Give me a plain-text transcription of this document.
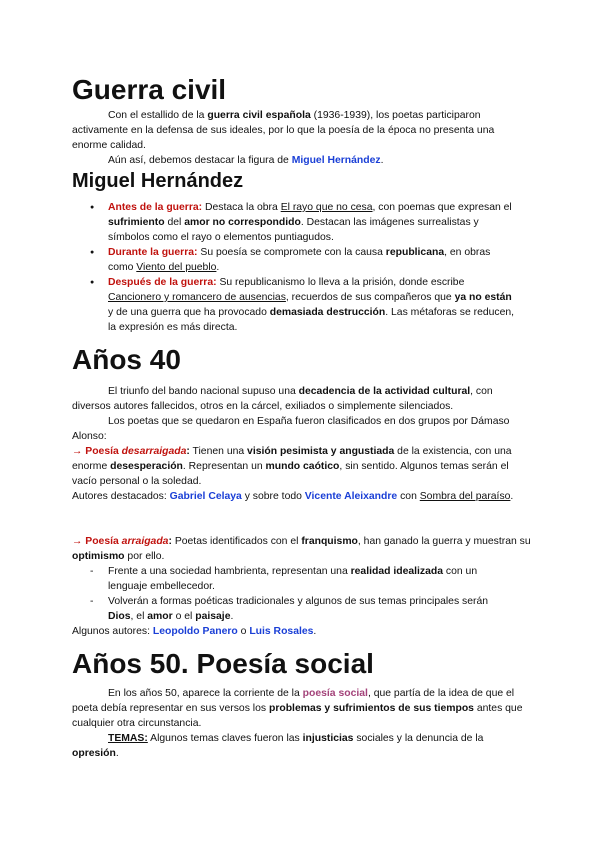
Guerra civil

Con el estallido de la guerra civil española (1936-1939), los poetas participaron activamente en la defensa de sus ideales, por lo que la poesía de la época no presenta una enorme calidad.

Aún así, debemos destacar la figura de Miguel Hernández.

Miguel Hernández
● Antes de la guerra: Destaca la obra El rayo que no cesa, con poemas que expresan el sufrimiento del amor no correspondido. Destacan las imágenes surrealistas y símbolos como el rayo o elementos puntiagudos.
● Durante la guerra: Su poesía se compromete con la causa republicana, en obras como Viento del pueblo.
● Después de la guerra: Su republicanismo lo lleva a la prisión, donde escribe Cancionero y romancero de ausencias, recuerdos de sus compañeros que ya no están y de una guerra que ha provocado demasiada destrucción. Las métaforas se reducen, la expresión es más directa.
Años 40

El triunfo del bando nacional supuso una decadencia de la actividad cultural, con diversos autores fallecidos, otros en la cárcel, exiliados o simplemente silenciados.

Los poetas que se quedaron en España fueron clasificados en dos grupos por Dámaso Alonso:

→ Poesía desarraigada: Tienen una visión pesimista y angustiada de la existencia, con una enorme desesperación. Representan un mundo caótico, sin sentido. Algunos temas serán el vacío personal o la soledad.

Autores destacados: Gabriel Celaya y sobre todo Vicente Aleixandre con Sombra del paraíso.

→ Poesía arraigada: Poetas identificados con el franquismo, han ganado la guerra y muestran su optimismo por ello.

- Frente a una sociedad hambrienta, representan una realidad idealizada con un lenguaje embellecedor.
- Volverán a formas poéticas tradicionales y algunos de sus temas principales serán Dios, el amor o el paisaje.

Algunos autores: Leopoldo Panero o Luis Rosales.

Años 50. Poesía social

En los años 50, aparece la corriente de la poesía social, que partía de la idea de que el poeta debía representar en sus versos los problemas y sufrimientos de sus tiempos antes que cualquier otra circunstancia.

TEMAS: Algunos temas claves fueron las injusticias sociales y la denuncia de la opresión.
